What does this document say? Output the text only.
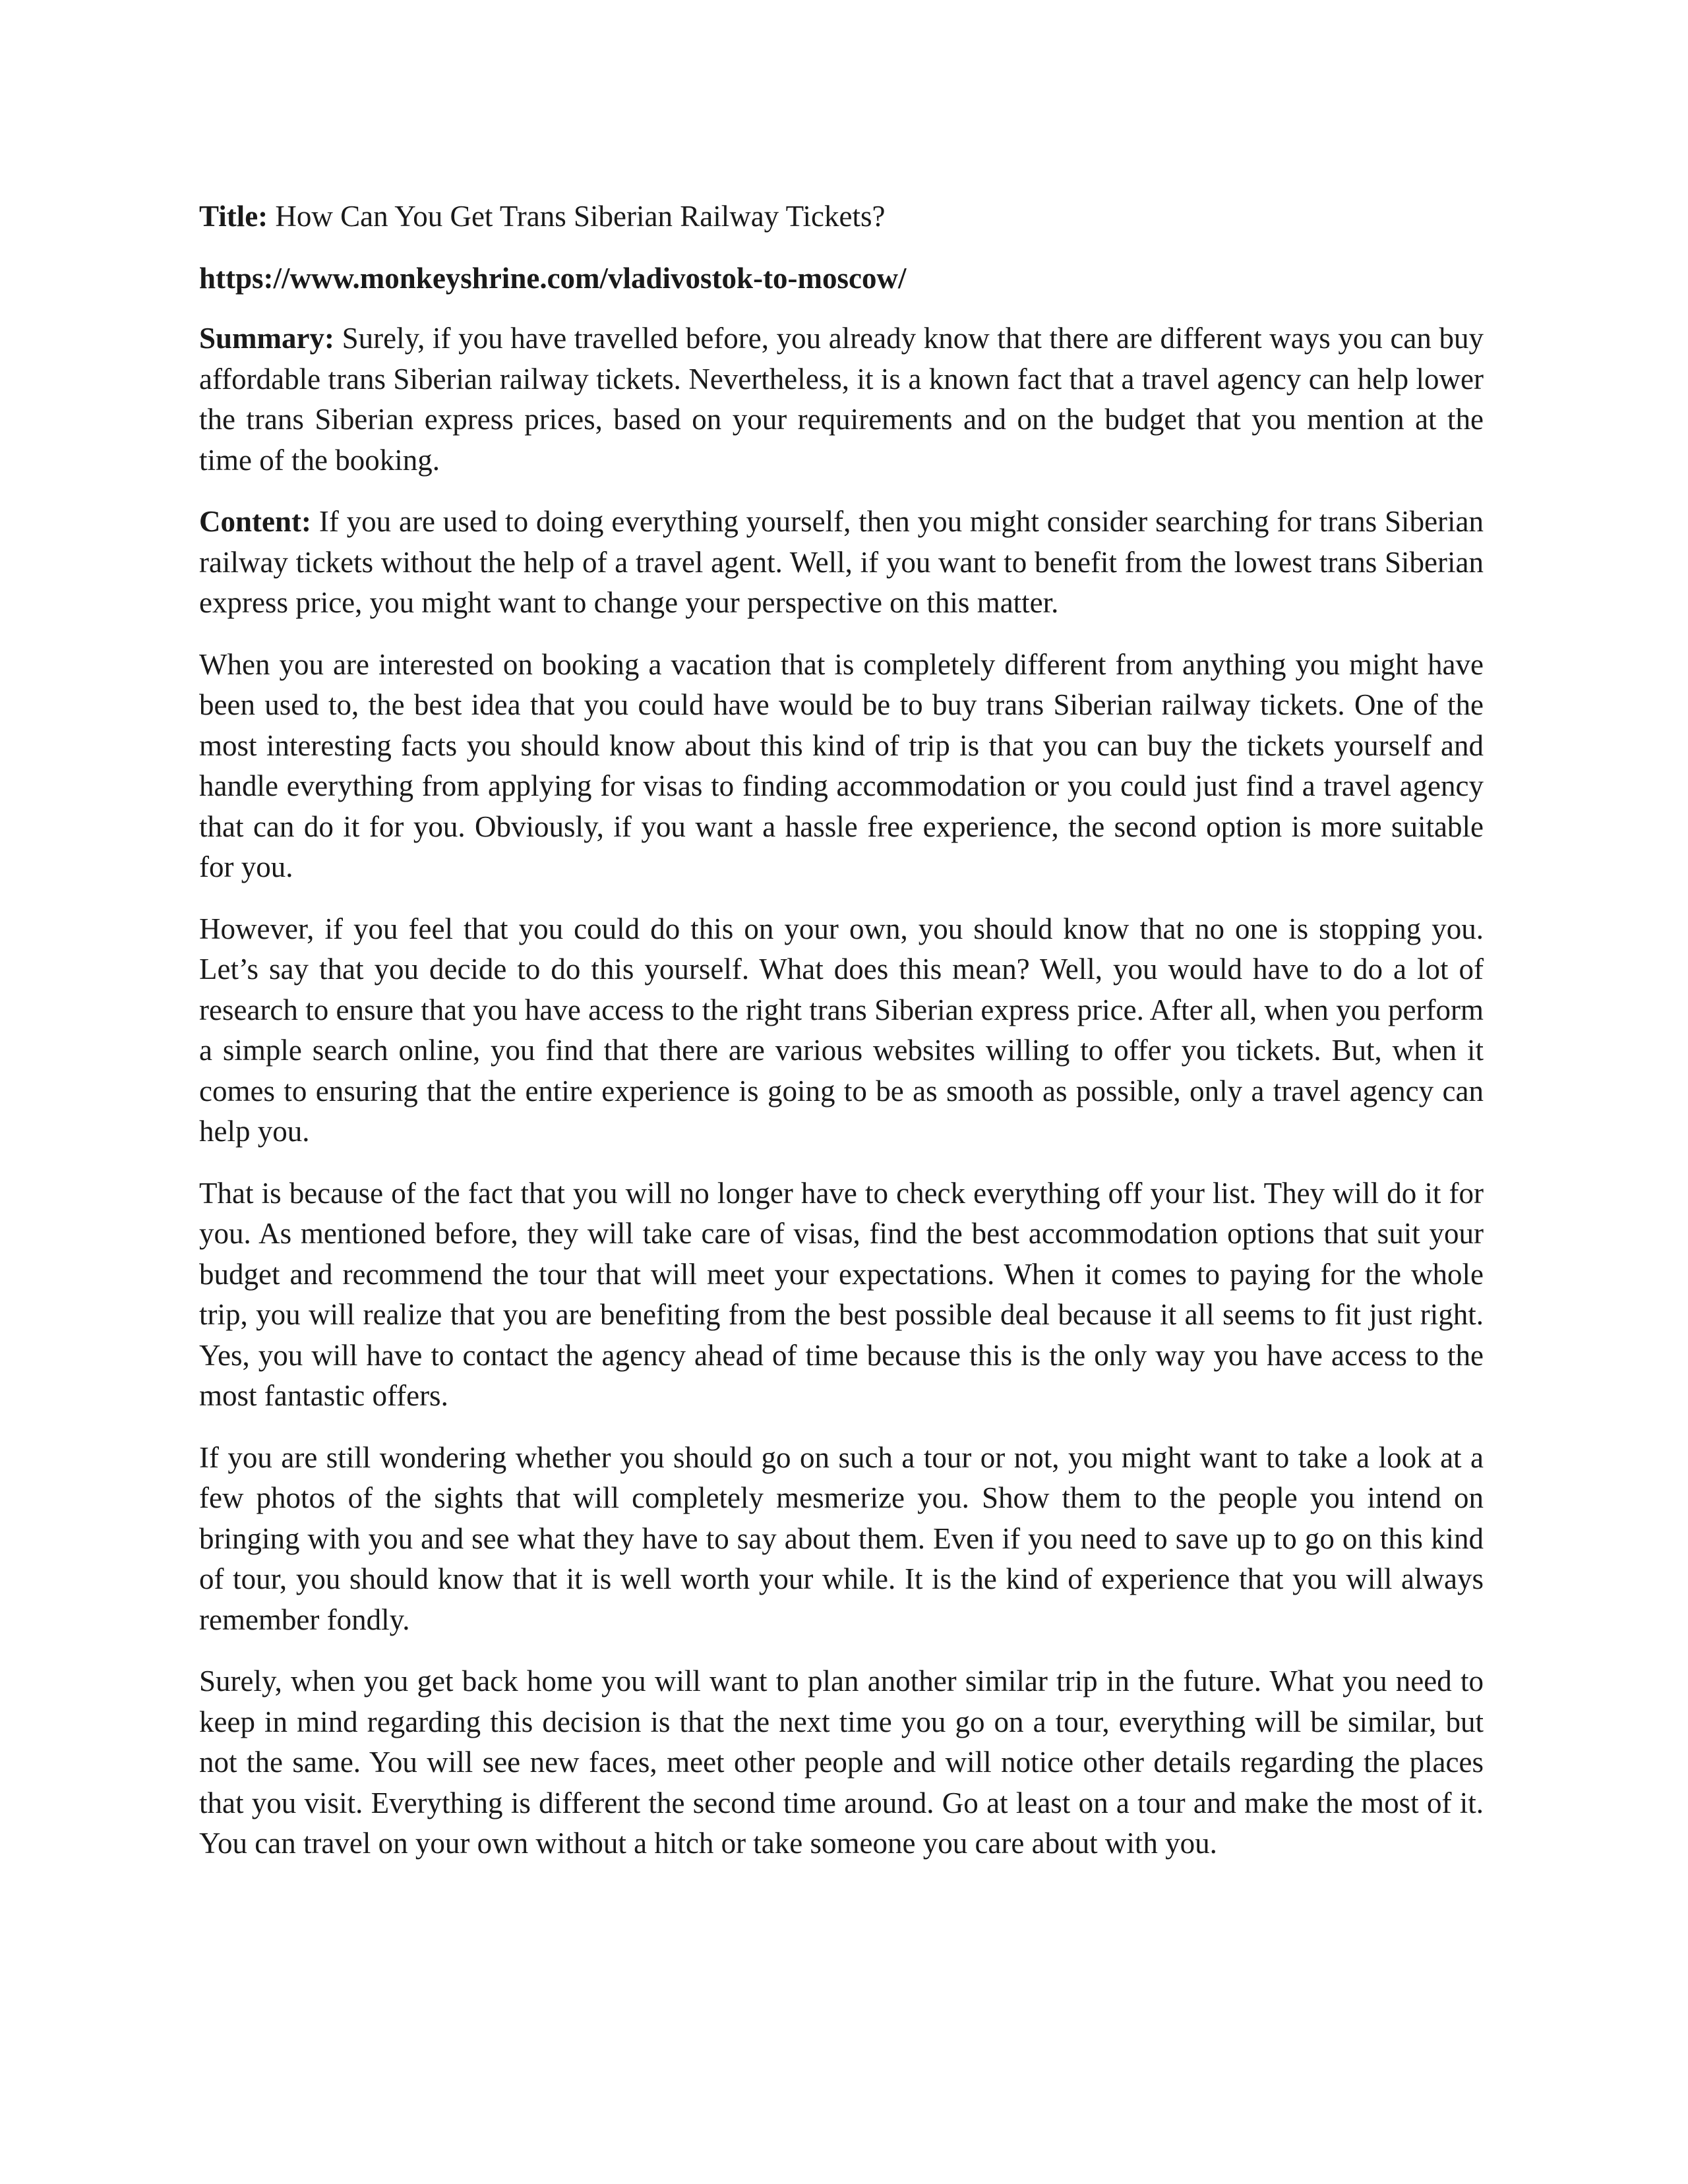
Title: How Can You Get Trans Siberian Railway Tickets?

https://www.monkeyshrine.com/vladivostok-to-moscow/

Summary: Surely, if you have travelled before, you already know that there are different ways you can buy affordable trans Siberian railway tickets. Nevertheless, it is a known fact that a travel agency can help lower the trans Siberian express prices, based on your requirements and on the budget that you mention at the time of the booking.

Content: If you are used to doing everything yourself, then you might consider searching for trans Siberian railway tickets without the help of a travel agent. Well, if you want to benefit from the lowest trans Siberian express price, you might want to change your perspective on this matter.

When you are interested on booking a vacation that is completely different from anything you might have been used to, the best idea that you could have would be to buy trans Siberian railway tickets. One of the most interesting facts you should know about this kind of trip is that you can buy the tickets yourself and handle everything from applying for visas to finding accommodation or you could just find a travel agency that can do it for you. Obviously, if you want a hassle free experience, the second option is more suitable for you.

However, if you feel that you could do this on your own, you should know that no one is stopping you. Let’s say that you decide to do this yourself. What does this mean? Well, you would have to do a lot of research to ensure that you have access to the right trans Siberian express price. After all, when you perform a simple search online, you find that there are various websites willing to offer you tickets. But, when it comes to ensuring that the entire experience is going to be as smooth as possible, only a travel agency can help you.

That is because of the fact that you will no longer have to check everything off your list. They will do it for you. As mentioned before, they will take care of visas, find the best accommodation options that suit your budget and recommend the tour that will meet your expectations. When it comes to paying for the whole trip, you will realize that you are benefiting from the best possible deal because it all seems to fit just right. Yes, you will have to contact the agency ahead of time because this is the only way you have access to the most fantastic offers.

If you are still wondering whether you should go on such a tour or not, you might want to take a look at a few photos of the sights that will completely mesmerize you. Show them to the people you intend on bringing with you and see what they have to say about them. Even if you need to save up to go on this kind of tour, you should know that it is well worth your while. It is the kind of experience that you will always remember fondly.

Surely, when you get back home you will want to plan another similar trip in the future. What you need to keep in mind regarding this decision is that the next time you go on a tour, everything will be similar, but not the same. You will see new faces, meet other people and will notice other details regarding the places that you visit. Everything is different the second time around. Go at least on a tour and make the most of it. You can travel on your own without a hitch or take someone you care about with you.
